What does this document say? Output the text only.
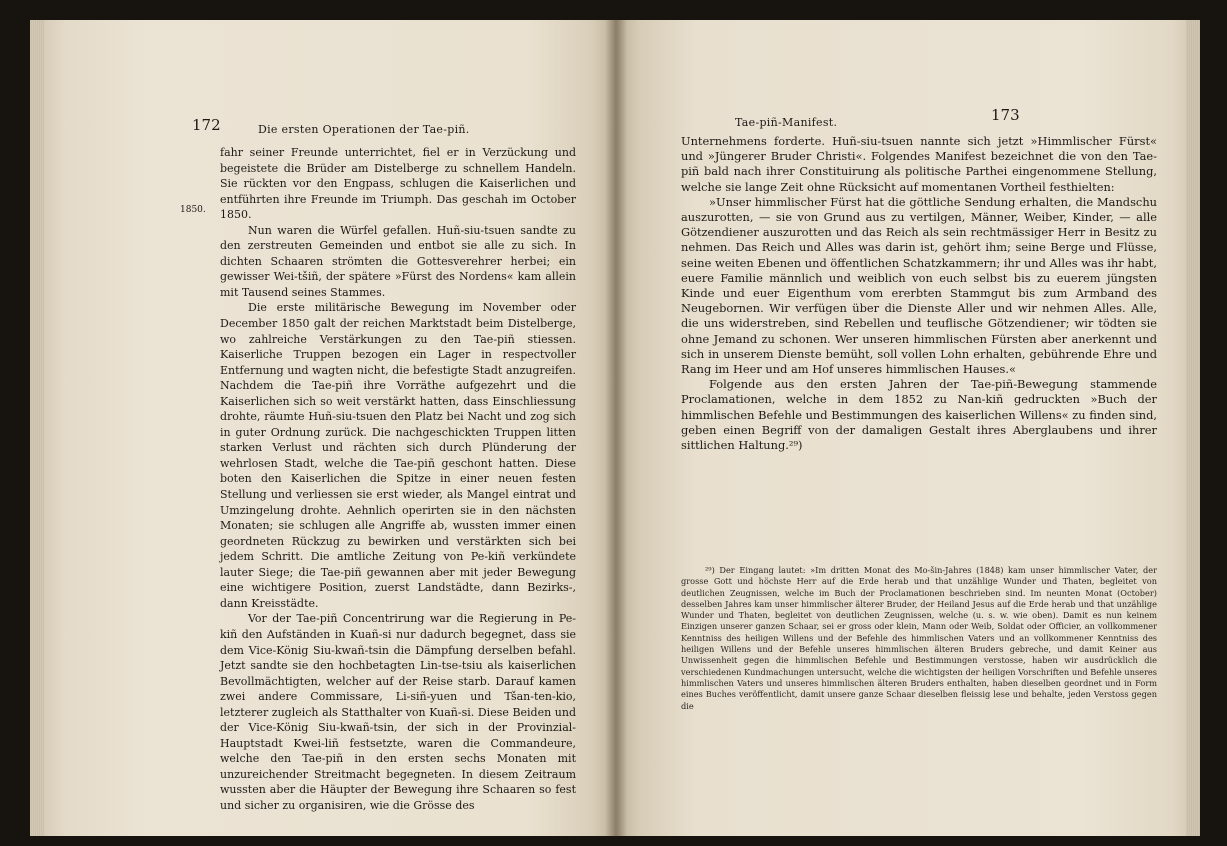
172	Die ersten Operationen der Tae-piñ.
1850.

fahr seiner Freunde unterrichtet, fiel er in Verzückung und begeistete die Brüder am Distelberge zu schnellem Handeln. Sie rückten vor den Engpass, schlugen die Kaiserlichen und entführten ihre Freunde im Triumph. Das geschah im October 1850.

Nun waren die Würfel gefallen. Huñ-siu-tsuen sandte zu den zerstreuten Gemeinden und entbot sie alle zu sich. In dichten Schaaren strömten die Gottesverehrer herbei; ein gewisser Wei-tšiñ, der spätere »Fürst des Nordens« kam allein mit Tausend seines Stammes.

Die erste militärische Bewegung im November oder December 1850 galt der reichen Marktstadt beim Distelberge, wo zahlreiche Verstärkungen zu den Tae-piñ stiessen. Kaiserliche Truppen bezogen ein Lager in respectvoller Entfernung und wagten nicht, die befestigte Stadt anzugreifen. Nachdem die Tae-piñ ihre Vorräthe aufgezehrt und die Kaiserlichen sich so weit verstärkt hatten, dass Einschliessung drohte, räumte Huñ-siu-tsuen den Platz bei Nacht und zog sich in guter Ordnung zurück. Die nachgeschickten Truppen litten starken Verlust und rächten sich durch Plünderung der wehrlosen Stadt, welche die Tae-piñ geschont hatten. Diese boten den Kaiserlichen die Spitze in einer neuen festen Stellung und verliessen sie erst wieder, als Mangel eintrat und Umzingelung drohte. Aehnlich operirten sie in den nächsten Monaten; sie schlugen alle Angriffe ab, wussten immer einen geordneten Rückzug zu bewirken und verstärkten sich bei jedem Schritt. Die amtliche Zeitung von Pe-kiñ verkündete lauter Siege; die Tae-piñ gewannen aber mit jeder Bewegung eine wichtigere Position, zuerst Landstädte, dann Bezirks-, dann Kreisstädte.

Vor der Tae-piñ Concentrirung war die Regierung in Pe-kiñ den Aufständen in Kuañ-si nur dadurch begegnet, dass sie dem Vice-König Siu-kwañ-tsin die Dämpfung derselben befahl. Jetzt sandte sie den hochbetagten Lin-tse-tsiu als kaiserlichen Bevollmächtigten, welcher auf der Reise starb. Darauf kamen zwei andere Commissare, Li-siñ-yuen und Tšan-ten-kio, letzterer zugleich als Statthalter von Kuañ-si. Diese Beiden und der Vice-König Siu-kwañ-tsin, der sich in der Provinzial-Hauptstadt Kwei-liñ festsetzte, waren die Commandeure, welche den Tae-piñ in den ersten sechs Monaten mit unzureichender Streitmacht begegneten. In diesem Zeitraum wussten aber die Häupter der Bewegung ihre Schaaren so fest und sicher zu organisiren, wie die Grösse des

Tae-piñ-Manifest.	173

Unternehmens forderte. Huñ-siu-tsuen nannte sich jetzt »Himmlischer Fürst« und »Jüngerer Bruder Christi«. Folgendes Manifest bezeichnet die von den Tae-piñ bald nach ihrer Constituirung als politische Parthei eingenommene Stellung, welche sie lange Zeit ohne Rücksicht auf momentanen Vortheil festhielten:

»Unser himmlischer Fürst hat die göttliche Sendung erhalten, die Mandschu auszurotten, — sie von Grund aus zu vertilgen, Männer, Weiber, Kinder, — alle Götzendiener auszurotten und das Reich als sein rechtmässiger Herr in Besitz zu nehmen. Das Reich und Alles was darin ist, gehört ihm; seine Berge und Flüsse, seine weiten Ebenen und öffentlichen Schatzkammern; ihr und Alles was ihr habt, euere Familie männlich und weiblich von euch selbst bis zu euerem jüngsten Kinde und euer Eigenthum vom ererbten Stammgut bis zum Armband des Neugebornen. Wir verfügen über die Dienste Aller und wir nehmen Alles. Alle, die uns widerstreben, sind Rebellen und teuflische Götzendiener; wir tödten sie ohne Jemand zu schonen. Wer unseren himmlischen Fürsten aber anerkennt und sich in unserem Dienste bemüht, soll vollen Lohn erhalten, gebührende Ehre und Rang im Heer und am Hof unseres himmlischen Hauses.«

Folgende aus den ersten Jahren der Tae-piñ-Bewegung stammende Proclamationen, welche in dem 1852 zu Nan-kiñ gedruckten »Buch der himmlischen Befehle und Bestimmungen des kaiserlichen Willens« zu finden sind, geben einen Begriff von der damaligen Gestalt ihres Aberglaubens und ihrer sittlichen Haltung.²⁹)

²⁹) Der Eingang lautet: »Im dritten Monat des Mo-šin-Jahres (1848) kam unser himmlischer Vater, der grosse Gott und höchste Herr auf die Erde herab und that unzählige Wunder und Thaten, begleitet von deutlichen Zeugnissen, welche im Buch der Proclamationen beschrieben sind. Im neunten Monat (October) desselben Jahres kam unser himmlischer älterer Bruder, der Heiland Jesus auf die Erde herab und that unzählige Wunder und Thaten, begleitet von deutlichen Zeugnissen, welche (u. s. w. wie oben). Damit es nun keinem Einzigen unserer ganzen Schaar, sei er gross oder klein, Mann oder Weib, Soldat oder Officier, an vollkommener Kenntniss des heiligen Willens und der Befehle des himmlischen Vaters und an vollkommener Kenntniss des heiligen Willens und der Befehle unseres himmlischen älteren Bruders gebreche, und damit Keiner aus Unwissenheit gegen die himmlischen Befehle und Bestimmungen verstosse, haben wir ausdrücklich die verschiedenen Kundmachungen untersucht, welche die wichtigsten der heiligen Vorschriften und Befehle unseres himmlischen Vaters und unseres himmlischen älteren Bruders enthalten, haben dieselben geordnet und in Form eines Buches veröffentlicht, damit unsere ganze Schaar dieselben fleissig lese und behalte, jeden Verstoss gegen die
